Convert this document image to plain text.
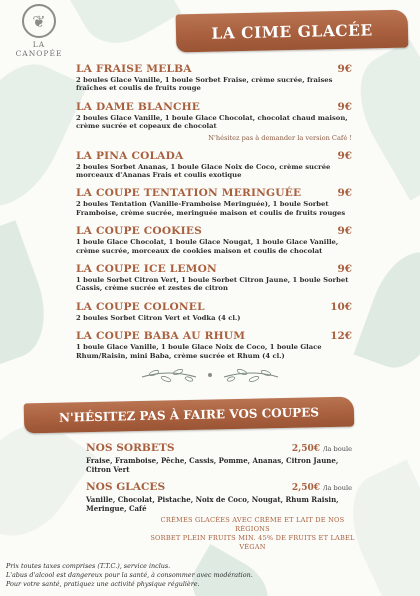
❦
LA CANOPÉE
LA CIME GLACÉE
LA FRAISE MELBA	9€
2 boules Glace Vanille, 1 boule Sorbet Fraise, crème sucrée, fraises fraîches et coulis de fruits rouge
LA DAME BLANCHE	9€
2 boules Glace Vanille, 1 boule Glace Chocolat, chocolat chaud maison, crème sucrée et copeaux de chocolat
N'hésitez pas à demander la version Café !
LA PINA COLADA	9€
2 boules Sorbet Ananas, 1 boule Glace Noix de Coco, crème sucrée morceaux d'Ananas Frais et coulis exotique
LA COUPE TENTATION MERINGUÉE	9€
2 boules Tentation (Vanille-Framboise Meringuée), 1 boule Sorbet Framboise, crème sucrée, meringuée maison et coulis de fruits rouges
LA COUPE COOKIES	9€
1 boule Glace Chocolat, 1 boule Glace Nougat, 1 boule Glace Vanille, crème sucrée, morceaux de cookies maison et coulis de chocolat
LA COUPE ICE LEMON	9€
1 boule Sorbet Citron Vert, 1 boule Sorbet Citron Jaune, 1 boule Sorbet Cassis, crème sucrée et zestes de citron
LA COUPE COLONEL	10€
2 boules Sorbet Citron Vert et Vodka (4 cl.)
LA COUPE BABA AU RHUM	12€
1 boule Glace Vanille, 1 boule Glace Noix de Coco, 1 boule Glace Rhum/Raisin, mini Baba, crème sucrée et Rhum (4 cl.)
N'HÉSITEZ PAS À FAIRE VOS COUPES
NOS SORBETS	2,50€ /la boule
Fraise, Framboise, Pêche, Cassis, Pomme, Ananas, Citron Jaune, Citron Vert
NOS GLACES	2,50€ /la boule
Vanille, Chocolat, Pistache, Noix de Coco, Nougat, Rhum Raisin, Meringue, Café
CRÈMES GLACÉES AVEC CRÈME ET LAIT DE NOS RÉGIONS
SORBET PLEIN FRUITS MIN. 45% DE FRUITS ET LABEL VÉGAN
Prix toutes taxes comprises (T.T.C.), service inclus.
L'abus d'alcool est dangereux pour la santé, à consommer avec modération.
Pour votre santé, pratiquez une activité physique régulière.
